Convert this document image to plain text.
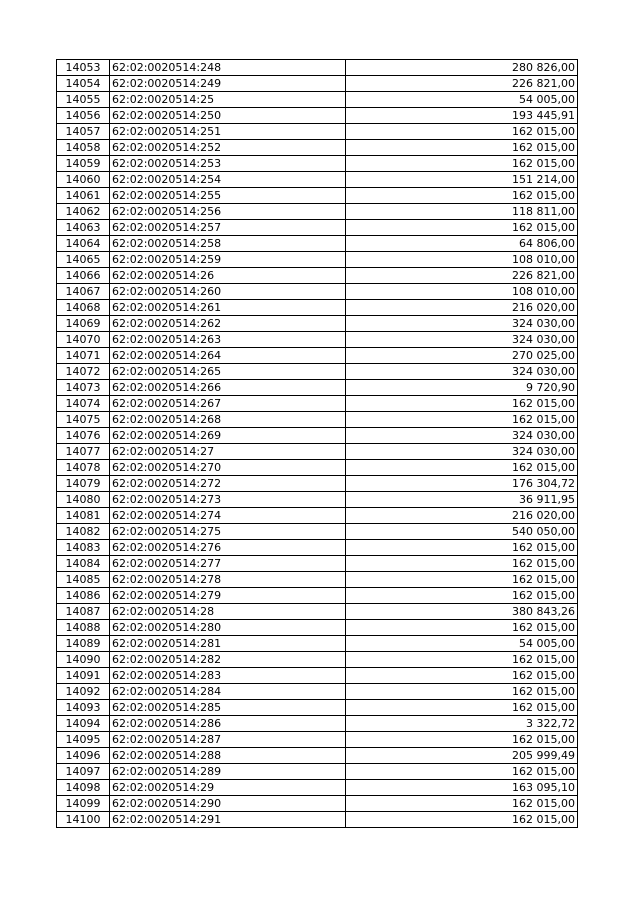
14053	62:02:0020514:248	280 826,00
14054	62:02:0020514:249	226 821,00
14055	62:02:0020514:25	54 005,00
14056	62:02:0020514:250	193 445,91
14057	62:02:0020514:251	162 015,00
14058	62:02:0020514:252	162 015,00
14059	62:02:0020514:253	162 015,00
14060	62:02:0020514:254	151 214,00
14061	62:02:0020514:255	162 015,00
14062	62:02:0020514:256	118 811,00
14063	62:02:0020514:257	162 015,00
14064	62:02:0020514:258	64 806,00
14065	62:02:0020514:259	108 010,00
14066	62:02:0020514:26	226 821,00
14067	62:02:0020514:260	108 010,00
14068	62:02:0020514:261	216 020,00
14069	62:02:0020514:262	324 030,00
14070	62:02:0020514:263	324 030,00
14071	62:02:0020514:264	270 025,00
14072	62:02:0020514:265	324 030,00
14073	62:02:0020514:266	9 720,90
14074	62:02:0020514:267	162 015,00
14075	62:02:0020514:268	162 015,00
14076	62:02:0020514:269	324 030,00
14077	62:02:0020514:27	324 030,00
14078	62:02:0020514:270	162 015,00
14079	62:02:0020514:272	176 304,72
14080	62:02:0020514:273	36 911,95
14081	62:02:0020514:274	216 020,00
14082	62:02:0020514:275	540 050,00
14083	62:02:0020514:276	162 015,00
14084	62:02:0020514:277	162 015,00
14085	62:02:0020514:278	162 015,00
14086	62:02:0020514:279	162 015,00
14087	62:02:0020514:28	380 843,26
14088	62:02:0020514:280	162 015,00
14089	62:02:0020514:281	54 005,00
14090	62:02:0020514:282	162 015,00
14091	62:02:0020514:283	162 015,00
14092	62:02:0020514:284	162 015,00
14093	62:02:0020514:285	162 015,00
14094	62:02:0020514:286	3 322,72
14095	62:02:0020514:287	162 015,00
14096	62:02:0020514:288	205 999,49
14097	62:02:0020514:289	162 015,00
14098	62:02:0020514:29	163 095,10
14099	62:02:0020514:290	162 015,00
14100	62:02:0020514:291	162 015,00
